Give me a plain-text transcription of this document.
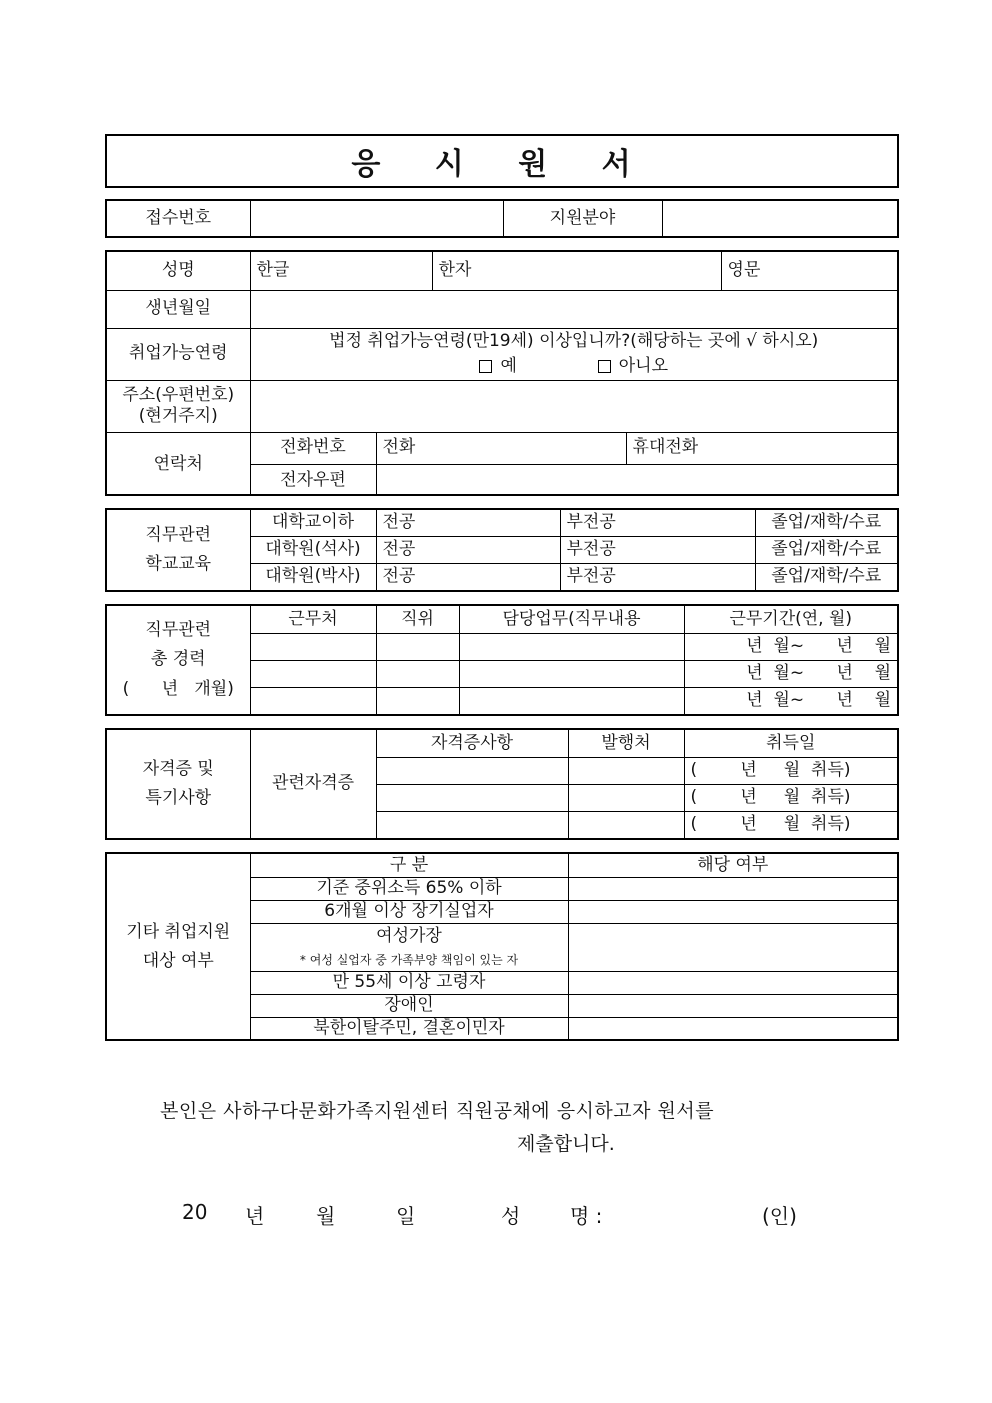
응 시 원 서
접수번호		지원분야	
성명	한글		한자		영문
생년월일					
취업가능연령	법정 취업가능연령(만19세) 이상입니까?(해당하는 곳에 √ 하시오)
예 아니오				

주소(우편번호)
(현거주지)					

연락처	전화번호	전화		휴대전화	
	전자우편				
직무관련
학교교육	대학교이하	전공	부전공	졸업/재학/수료
	대학원(석사)	전공	부전공	졸업/재학/수료
	대학원(박사)	전공	부전공	졸업/재학/수료
직무관련
총 경력
(      년   개월)	근무처	직위	담당업무(직무내용	근무기간(연, 월)
				년  월~      년    월
				년  월~      년    월
				년  월~      년    월
자격증 및
특기사항	관련자격증	자격증사항	발행처	취득일
				(        년     월  취득)
				(        년     월  취득)
				(        년     월  취득)
기타 취업지원
대상 여부	구 분	해당 여부
	기준 중위소득 65% 이하	
	6개월 이상 장기실업자	

	여성가장
* 여성 실업자 중 가족부양 책임이 있는 자	

	만 55세 이상 고령자	
	장애인	
	북한이탈주민, 결혼이민자	
본인은 사하구다문화가족지원센터 직원공채에 응시하고자 원서를
제출합니다.
20 년	월	일	성 명 :	(인)
